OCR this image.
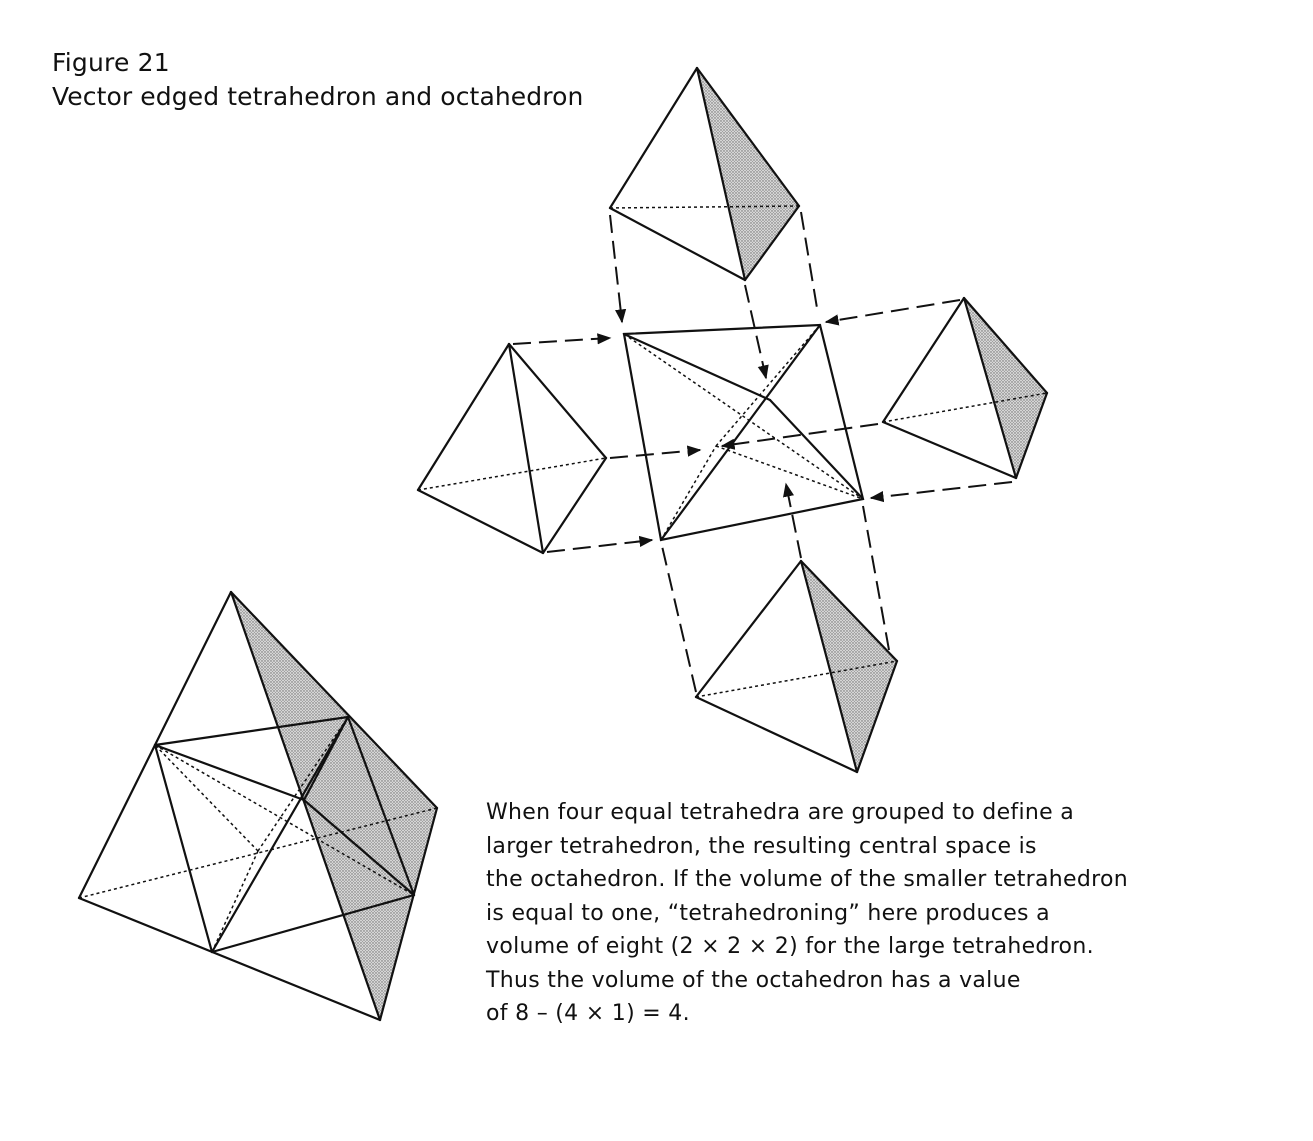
Figure 21
Vector edged tetrahedron and octahedron
When four equal tetrahedra are grouped to define a
larger tetrahedron, the resulting central space is
the octahedron. If the volume of the smaller tetrahedron
is equal to one, “tetrahedroning” here produces a
volume of eight (2 × 2 × 2) for the large tetrahedron.
Thus the volume of the octahedron has a value
of 8 – (4 × 1) = 4.
